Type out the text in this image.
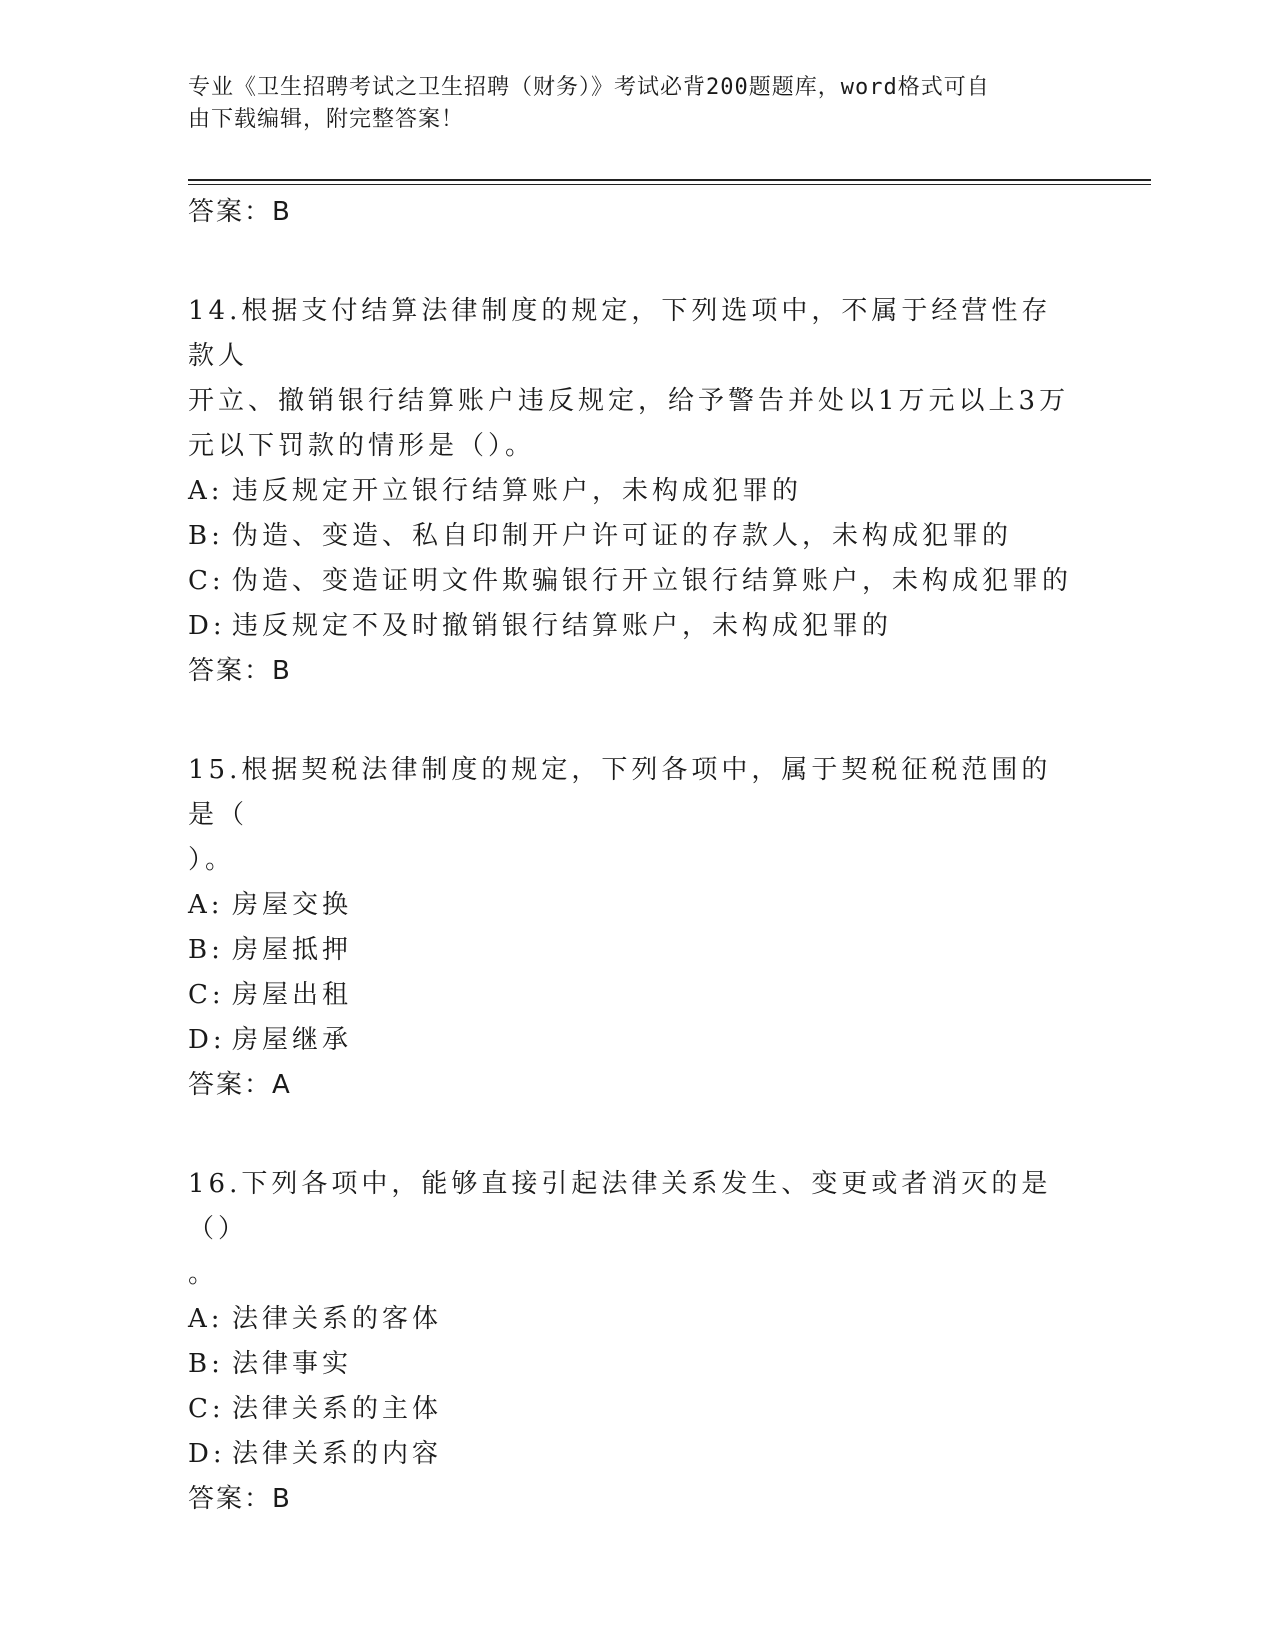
专业《卫生招聘考试之卫生招聘（财务）》考试必背200题题库，word格式可自
由下载编辑，附完整答案！
答案：B
14.根据支付结算法律制度的规定，下列选项中，不属于经营性存款人
开立、撤销银行结算账户违反规定，给予警告并处以1万元以上3万
元以下罚款的情形是（）。
A: 违反规定开立银行结算账户，未构成犯罪的
B: 伪造、变造、私自印制开户许可证的存款人，未构成犯罪的
C: 伪造、变造证明文件欺骗银行开立银行结算账户，未构成犯罪的
D: 违反规定不及时撤销银行结算账户，未构成犯罪的
答案：B
15.根据契税法律制度的规定，下列各项中，属于契税征税范围的是（
）。
A: 房屋交换
B: 房屋抵押
C: 房屋出租
D: 房屋继承
答案：A
16.下列各项中，能够直接引起法律关系发生、变更或者消灭的是（）
。
A: 法律关系的客体
B: 法律事实
C: 法律关系的主体
D: 法律关系的内容
答案：B
